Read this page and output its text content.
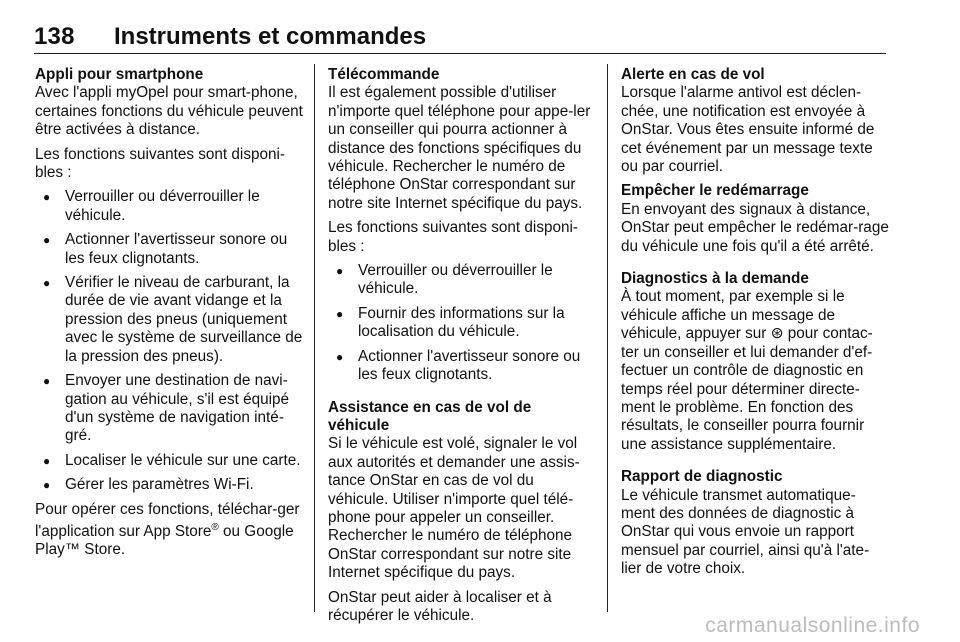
138 Instruments et commandes
Appli pour smartphone

Avec l'appli myOpel pour smart-phone, certaines fonctions du véhicule peuvent être activées à distance.

Les fonctions suivantes sont disponi-bles :

● Verrouiller ou déverrouiller le véhicule.
● Actionner l'avertisseur sonore ou les feux clignotants.
● Vérifier le niveau de carburant, la durée de vie avant vidange et la pression des pneus (uniquement avec le système de surveillance de la pression des pneus).
● Envoyer une destination de navi-gation au véhicule, s'il est équipé d'un système de navigation inté-gré.
● Localiser le véhicule sur une carte.
● Gérer les paramètres Wi-Fi.

Pour opérer ces fonctions, téléchar-ger l'application sur App Store® ou Google Play™ Store.

Télécommande

Il est également possible d'utiliser n'importe quel téléphone pour appe-ler un conseiller qui pourra actionner à distance des fonctions spécifiques du véhicule. Rechercher le numéro de téléphone OnStar correspondant sur notre site Internet spécifique du pays.

Les fonctions suivantes sont disponi-bles :

● Verrouiller ou déverrouiller le véhicule.
● Fournir des informations sur la localisation du véhicule.
● Actionner l'avertisseur sonore ou les feux clignotants.
Assistance en cas de vol de véhicule

Si le véhicule est volé, signaler le vol aux autorités et demander une assis-tance OnStar en cas de vol du véhicule. Utiliser n'importe quel télé-phone pour appeler un conseiller. Rechercher le numéro de téléphone OnStar correspondant sur notre site Internet spécifique du pays.

OnStar peut aider à localiser et à récupérer le véhicule.

Alerte en cas de vol

Lorsque l'alarme antivol est déclen-chée, une notification est envoyée à OnStar. Vous êtes ensuite informé de cet événement par un message texte ou par courriel.

Empêcher le redémarrage

En envoyant des signaux à distance, OnStar peut empêcher le redémar-rage du véhicule une fois qu'il a été arrêté.

Diagnostics à la demande

À tout moment, par exemple si le véhicule affiche un message de véhicule, appuyer sur ⊛ pour contac-ter un conseiller et lui demander d'ef-fectuer un contrôle de diagnostic en temps réel pour déterminer directe-ment le problème. En fonction des résultats, le conseiller pourra fournir une assistance supplémentaire.

Rapport de diagnostic

Le véhicule transmet automatique-ment des données de diagnostic à OnStar qui vous envoie un rapport mensuel par courriel, ainsi qu'à l'ate-lier de votre choix.

carmanualsonline.info
